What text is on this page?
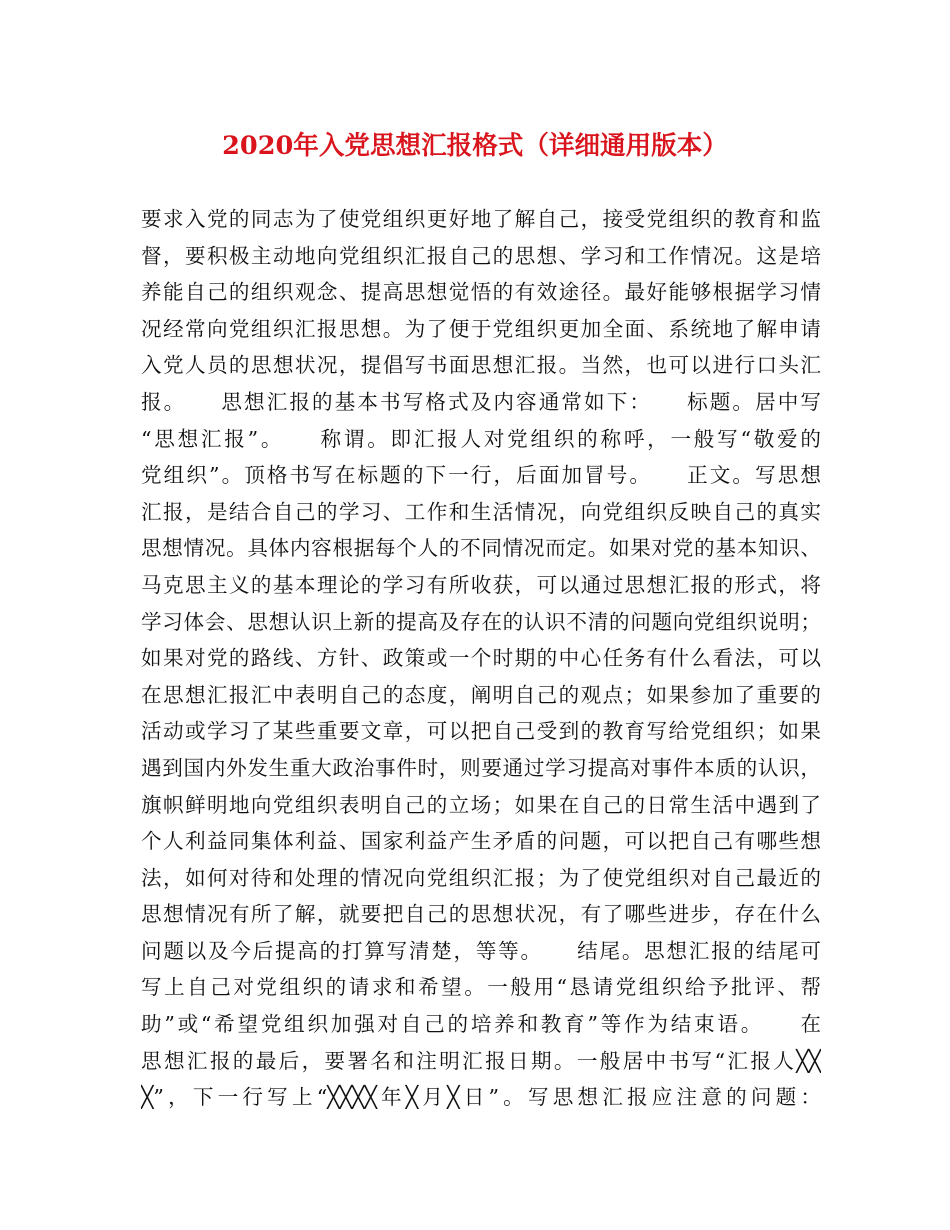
2020年入党思想汇报格式（详细通用版本）
要求入党的同志为了使党组织更好地了解自己，接受党组织的教育和监
督，要积极主动地向党组织汇报自己的思想、学习和工作情况。这是培
养能自己的组织观念、提高思想觉悟的有效途径。最好能够根据学习情
况经常向党组织汇报思想。为了便于党组织更加全面、系统地了解申请
入党人员的思想状况，提倡写书面思想汇报。当然，也可以进行口头汇
报。　　思想汇报的基本书写格式及内容通常如下：　　标题。居中写
“思想汇报”。　　称谓。即汇报人对党组织的称呼，一般写“敬爱的
党组织”。顶格书写在标题的下一行，后面加冒号。　　正文。写思想
汇报，是结合自己的学习、工作和生活情况，向党组织反映自己的真实
思想情况。具体内容根据每个人的不同情况而定。如果对党的基本知识、
马克思主义的基本理论的学习有所收获，可以通过思想汇报的形式，将
学习体会、思想认识上新的提高及存在的认识不清的问题向党组织说明；
如果对党的路线、方针、政策或一个时期的中心任务有什么看法，可以
在思想汇报汇中表明自己的态度，阐明自己的观点；如果参加了重要的
活动或学习了某些重要文章，可以把自己受到的教育写给党组织；如果
遇到国内外发生重大政治事件时，则要通过学习提高对事件本质的认识，
旗帜鲜明地向党组织表明自己的立场；如果在自己的日常生活中遇到了
个人利益同集体利益、国家利益产生矛盾的问题，可以把自己有哪些想
法，如何对待和处理的情况向党组织汇报；为了使党组织对自己最近的
思想情况有所了解，就要把自己的思想状况，有了哪些进步，存在什么
问题以及今后提高的打算写清楚，等等。　　结尾。思想汇报的结尾可
写上自己对党组织的请求和希望。一般用“恳请党组织给予批评、帮
助”或“希望党组织加强对自己的培养和教育”等作为结束语。　　在
思想汇报的最后，要署名和注明汇报日期。一般居中书写“汇报人╳╳
╳”，下一行写上“╳╳╳╳年╳月╳日”。写思想汇报应注意的问题：
